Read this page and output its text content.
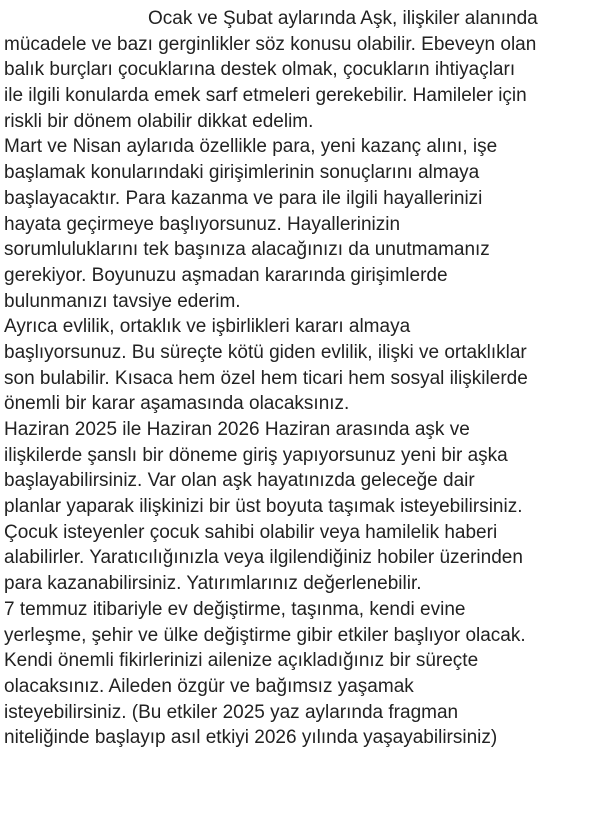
Ocak ve Şubat aylarında Aşk, ilişkiler alanında
mücadele ve bazı gerginlikler söz konusu olabilir. Ebeveyn olan
balık burçları çocuklarına destek olmak, çocukların ihtiyaçları
ile ilgili konularda emek sarf etmeleri gerekebilir. Hamileler için
riskli bir dönem olabilir dikkat edelim.
Mart ve Nisan aylarıda özellikle para, yeni kazanç alını, işe
başlamak konularındaki girişimlerinin sonuçlarını almaya
başlayacaktır. Para kazanma ve para ile ilgili hayallerinizi
hayata geçirmeye başlıyorsunuz. Hayallerinizin
sorumluluklarını tek başınıza alacağınızı da unutmamanız
gerekiyor. Boyunuzu aşmadan kararında girişimlerde
bulunmanızı tavsiye ederim.
Ayrıca evlilik, ortaklık ve işbirlikleri kararı almaya
başlıyorsunuz. Bu süreçte kötü giden evlilik, ilişki ve ortaklıklar
son bulabilir. Kısaca hem özel hem ticari hem sosyal ilişkilerde
önemli bir karar aşamasında olacaksınız.
Haziran 2025 ile Haziran 2026 Haziran arasında aşk ve
ilişkilerde şanslı bir döneme giriş yapıyorsunuz yeni bir aşka
başlayabilirsiniz. Var olan aşk hayatınızda geleceğe dair
planlar yaparak ilişkinizi bir üst boyuta taşımak isteyebilirsiniz.
Çocuk isteyenler çocuk sahibi olabilir veya hamilelik haberi
alabilirler. Yaratıcılığınızla veya ilgilendiğiniz hobiler üzerinden
para kazanabilirsiniz. Yatırımlarınız değerlenebilir.
7 temmuz itibariyle ev değiştirme, taşınma, kendi evine
yerleşme, şehir ve ülke değiştirme gibir etkiler başlıyor olacak.
Kendi önemli fikirlerinizi ailenize açıkladığınız bir süreçte
olacaksınız. Aileden özgür ve bağımsız yaşamak
isteyebilirsiniz. (Bu etkiler 2025 yaz aylarında fragman
niteliğinde başlayıp asıl etkiyi 2026 yılında yaşayabilirsiniz)
